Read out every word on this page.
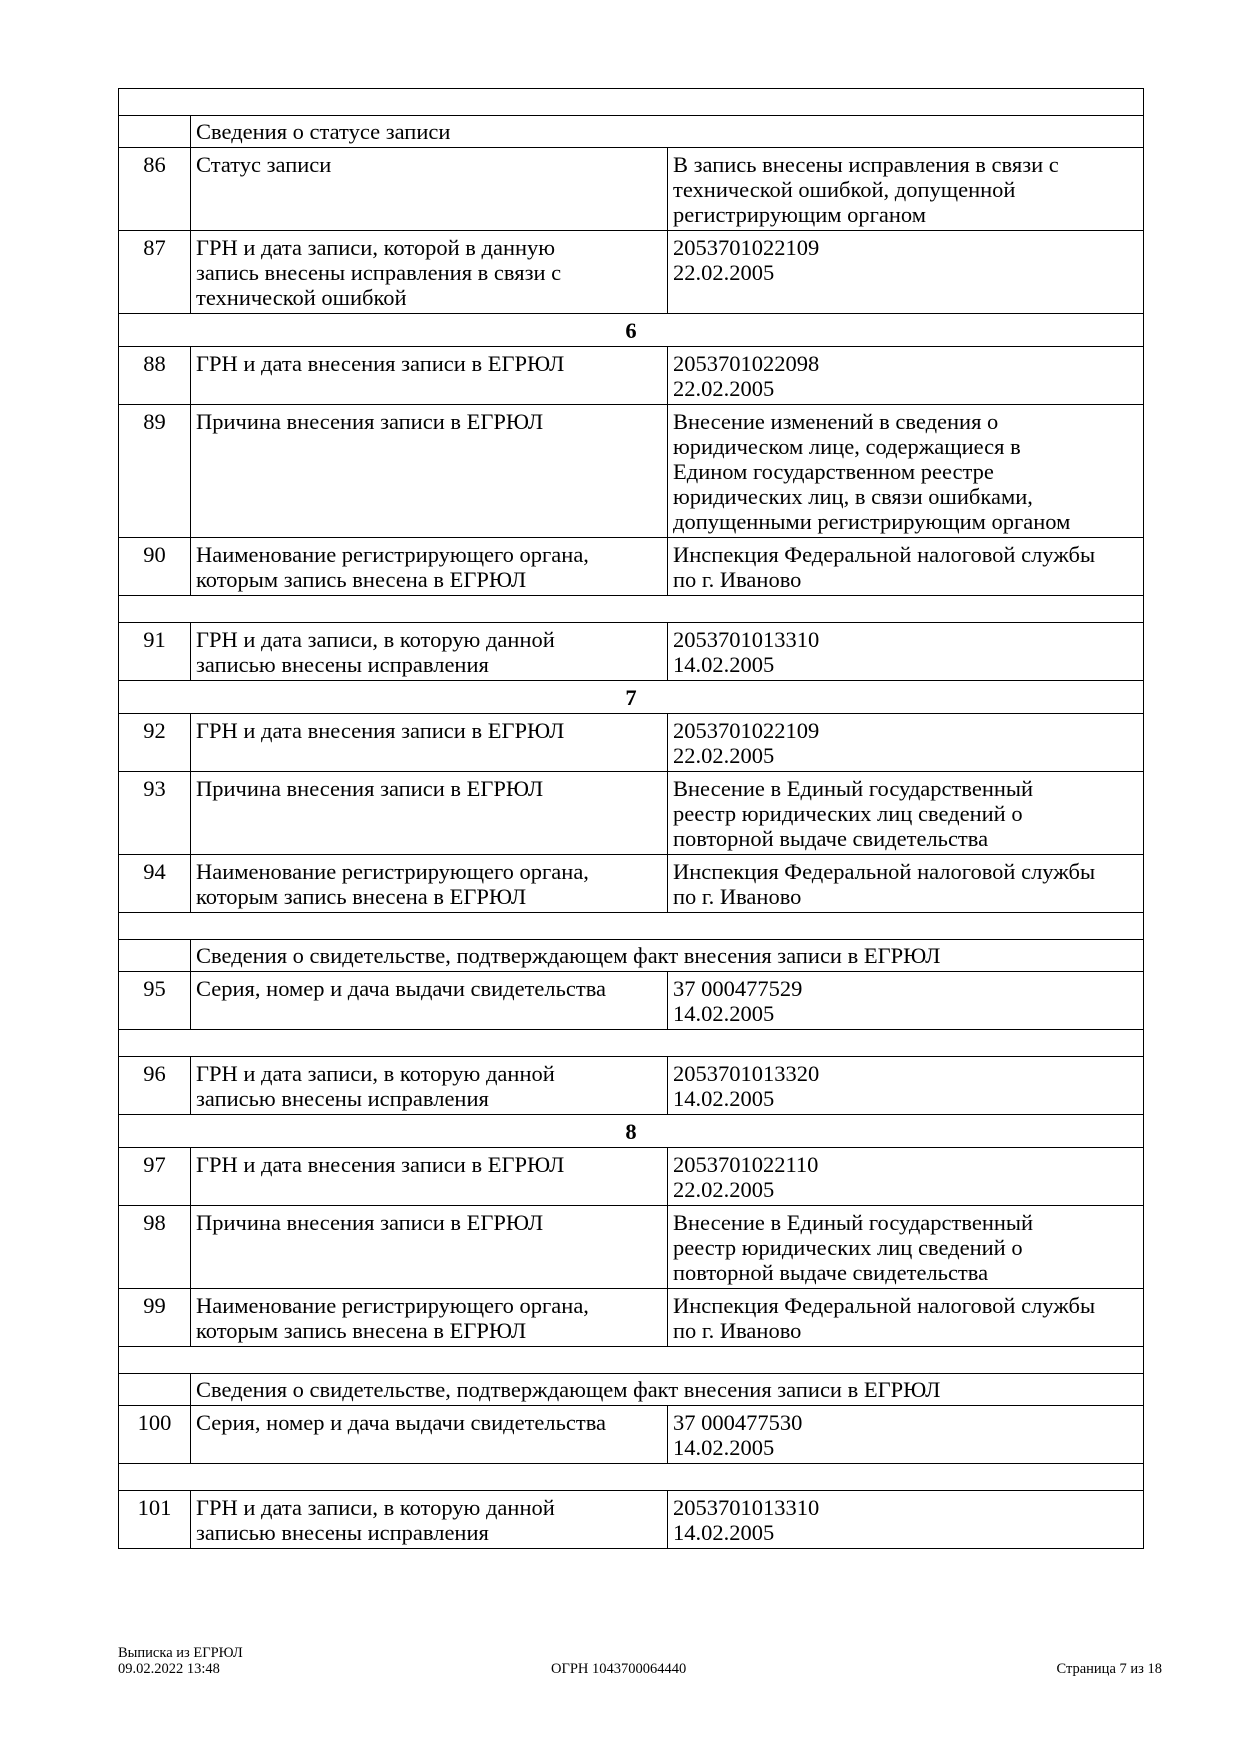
	Сведения о статусе записи	
86	Статус записи	В запись внесены исправления в связи с
технической ошибкой, допущенной
регистрирующим органом
87	ГРН и дата записи, которой в данную
запись внесены исправления в связи с
технической ошибкой	2053701022109
22.02.2005
6		
88	ГРН и дата внесения записи в ЕГРЮЛ	2053701022098
22.02.2005
89	Причина внесения записи в ЕГРЮЛ	Внесение изменений в сведения о
юридическом лице, содержащиеся в
Едином государственном реестре
юридических лиц, в связи ошибками,
допущенными регистрирующим органом
90	Наименование регистрирующего органа,
которым запись внесена в ЕГРЮЛ	Инспекция Федеральной налоговой службы
по г. Иваново

91	ГРН и дата записи, в которую данной
записью внесены исправления	2053701013310
14.02.2005
7		
92	ГРН и дата внесения записи в ЕГРЮЛ	2053701022109
22.02.2005
93	Причина внесения записи в ЕГРЮЛ	Внесение в Единый государственный
реестр юридических лиц сведений о
повторной выдаче свидетельства
94	Наименование регистрирующего органа,
которым запись внесена в ЕГРЮЛ	Инспекция Федеральной налоговой службы
по г. Иваново

	Сведения о свидетельстве, подтверждающем факт внесения записи в ЕГРЮЛ	
95	Серия, номер и дача выдачи свидетельства	37 000477529
14.02.2005

96	ГРН и дата записи, в которую данной
записью внесены исправления	2053701013320
14.02.2005
8		
97	ГРН и дата внесения записи в ЕГРЮЛ	2053701022110
22.02.2005
98	Причина внесения записи в ЕГРЮЛ	Внесение в Единый государственный
реестр юридических лиц сведений о
повторной выдаче свидетельства
99	Наименование регистрирующего органа,
которым запись внесена в ЕГРЮЛ	Инспекция Федеральной налоговой службы
по г. Иваново

	Сведения о свидетельстве, подтверждающем факт внесения записи в ЕГРЮЛ	
100	Серия, номер и дача выдачи свидетельства	37 000477530
14.02.2005

101	ГРН и дата записи, в которую данной
записью внесены исправления	2053701013310
14.02.2005
Выписка из ЕГРЮЛ
09.02.2022 13:48	ОГРН 1043700064440	Страница 7 из 18
